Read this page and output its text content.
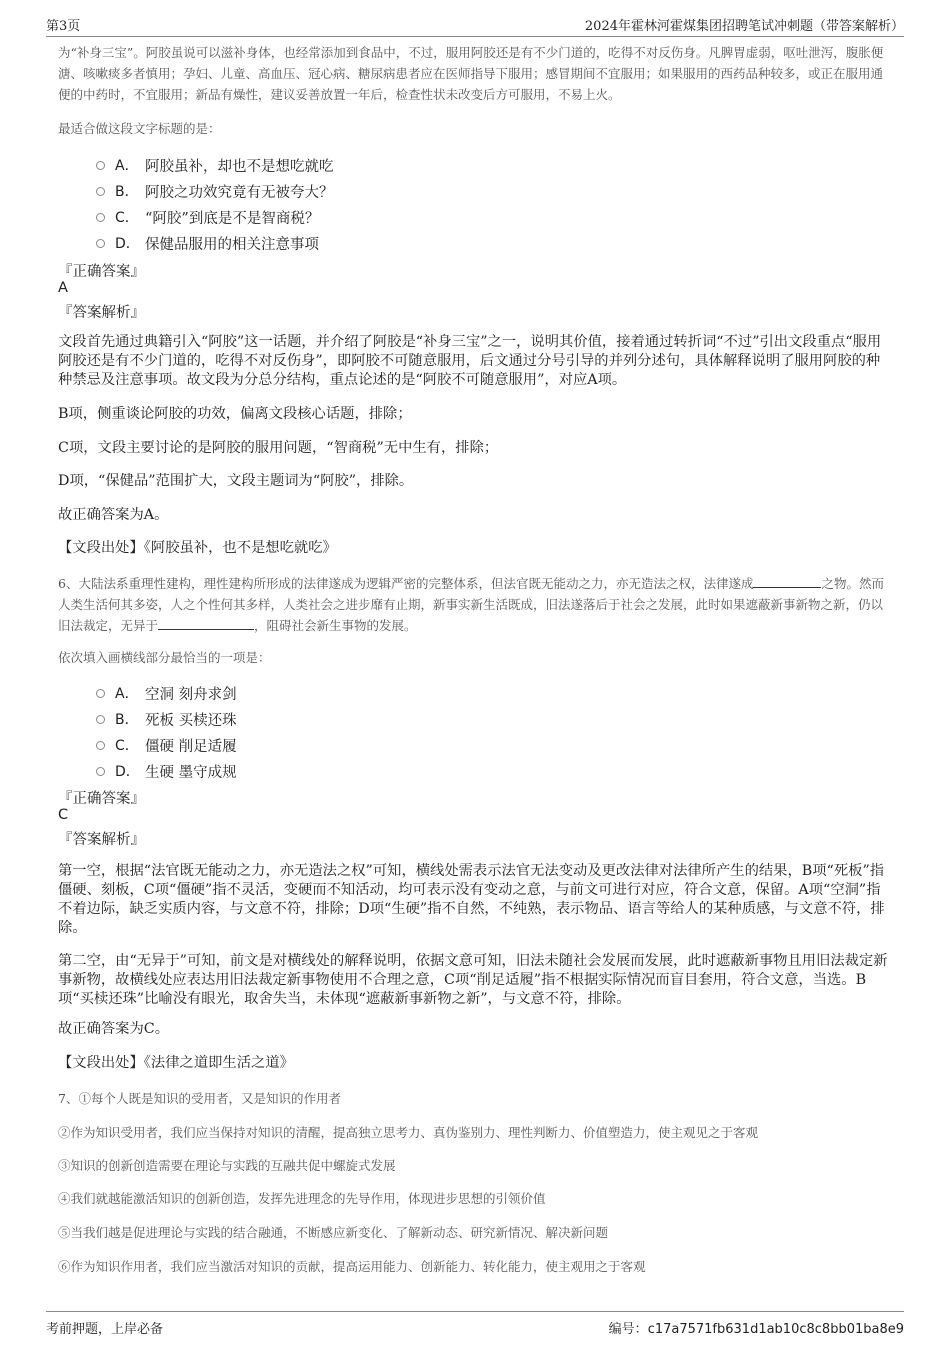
第3页	2024年霍林河霍煤集团招聘笔试冲刺题（带答案解析）

为“补身三宝”。阿胶虽说可以滋补身体，也经常添加到食品中，不过，服用阿胶还是有不少门道的，吃得不对反伤身。凡脾胃虚弱，呕吐泄泻，腹胀便溏、咳嗽痰多者慎用；孕妇、儿童、高血压、冠心病、糖尿病患者应在医师指导下服用；感冒期间不宜服用；如果服用的西药品种较多，或正在服用通便的中药时，不宜服用；新品有燥性，建议妥善放置一年后，检查性状未改变后方可服用，不易上火。

最适合做这段文字标题的是：

A． 阿胶虽补，却也不是想吃就吃
B． 阿胶之功效究竟有无被夸大？
C． “阿胶”到底是不是智商税？
D． 保健品服用的相关注意事项
『正确答案』
A
『答案解析』

文段首先通过典籍引入“阿胶”这一话题，并介绍了阿胶是“补身三宝”之一，说明其价值，接着通过转折词“不过”引出文段重点“服用阿胶还是有不少门道的，吃得不对反伤身”，即阿胶不可随意服用，后文通过分号引导的并列分述句，具体解释说明了服用阿胶的种种禁忌及注意事项。故文段为分总分结构，重点论述的是“阿胶不可随意服用”，对应A项。

B项，侧重谈论阿胶的功效，偏离文段核心话题，排除；

C项，文段主要讨论的是阿胶的服用问题，“智商税”无中生有，排除；

D项，“保健品”范围扩大，文段主题词为“阿胶”，排除。

故正确答案为A。

【文段出处】《阿胶虽补，也不是想吃就吃》

6、大陆法系重理性建构，理性建构所形成的法律遂成为逻辑严密的完整体系，但法官既无能动之力，亦无造法之权，法律遂成	之物。然而人类生活何其多姿，人之个性何其多样，人类社会之进步靡有止期，新事实新生活既成，旧法遂落后于社会之发展，此时如果遮蔽新事新物之新，仍以旧法裁定，无异于	，阻碍社会新生事物的发展。

依次填入画横线部分最恰当的一项是：

A． 空洞 刻舟求剑
B． 死板 买椟还珠
C． 僵硬 削足适履
D． 生硬 墨守成规
『正确答案』
C
『答案解析』

第一空，根据“法官既无能动之力，亦无造法之权”可知，横线处需表示法官无法变动及更改法律对法律所产生的结果，B项“死板”指僵硬、刻板，C项“僵硬”指不灵活，变硬而不知活动，均可表示没有变动之意，与前文可进行对应，符合文意，保留。A项“空洞”指不着边际，缺乏实质内容，与文意不符，排除；D项“生硬”指不自然，不纯熟，表示物品、语言等给人的某种质感，与文意不符，排除。

第二空，由“无异于”可知，前文是对横线处的解释说明，依据文意可知，旧法未随社会发展而发展，此时遮蔽新事物且用旧法裁定新事新物，故横线处应表达用旧法裁定新事物使用不合理之意，C项“削足适履”指不根据实际情况而盲目套用，符合文意，当选。B项“买椟还珠”比喻没有眼光，取舍失当，未体现“遮蔽新事新物之新”，与文意不符，排除。

故正确答案为C。

【文段出处】《法律之道即生活之道》

7、①每个人既是知识的受用者，又是知识的作用者

②作为知识受用者，我们应当保持对知识的清醒，提高独立思考力、真伪鉴别力、理性判断力、价值塑造力，使主观见之于客观

③知识的创新创造需要在理论与实践的互融共促中螺旋式发展

④我们就越能激活知识的创新创造，发挥先进理念的先导作用，体现进步思想的引领价值

⑤当我们越是促进理论与实践的结合融通，不断感应新变化、了解新动态、研究新情况、解决新问题

⑥作为知识作用者，我们应当激活对知识的贡献，提高运用能力、创新能力、转化能力，使主观用之于客观

考前押题，上岸必备	编号：c17a7571fb631d1ab10c8c8bb01ba8e9
